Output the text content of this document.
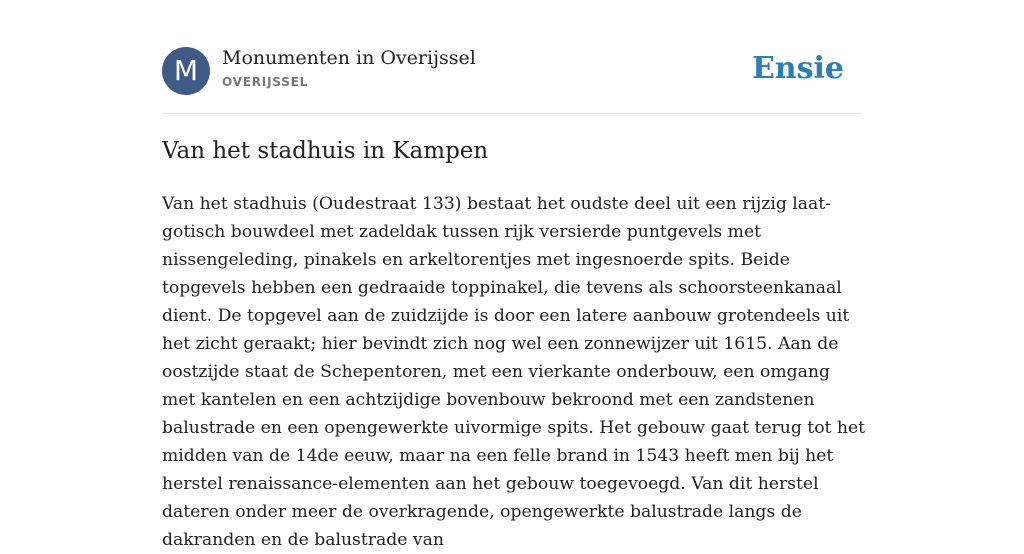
M	Monumenten in Overijssel
OVERIJSSEL	Ensie
Van het stadhuis in Kampen

Van het stadhuis (Oudestraat 133) bestaat het oudste deel uit een rijzig laat-gotisch bouwdeel met zadeldak tussen rijk versierde puntgevels met nissengeleding, pinakels en arkeltorentjes met ingesnoerde spits. Beide topgevels hebben een gedraaide toppinakel, die tevens als schoorsteenkanaal dient. De topgevel aan de zuidzijde is door een latere aanbouw grotendeels uit het zicht geraakt; hier bevindt zich nog wel een zonnewijzer uit 1615. Aan de oostzijde staat de Schepentoren, met een vierkante onderbouw, een omgang met kantelen en een achtzijdige bovenbouw bekroond met een zandstenen balustrade en een opengewerkte uivormige spits. Het gebouw gaat terug tot het midden van de 14de eeuw, maar na een felle brand in 1543 heeft men bij het herstel renaissance-elementen aan het gebouw toegevoegd. Van dit herstel dateren onder meer de overkragende, opengewerkte balustrade langs de dakranden en de balustrade van
